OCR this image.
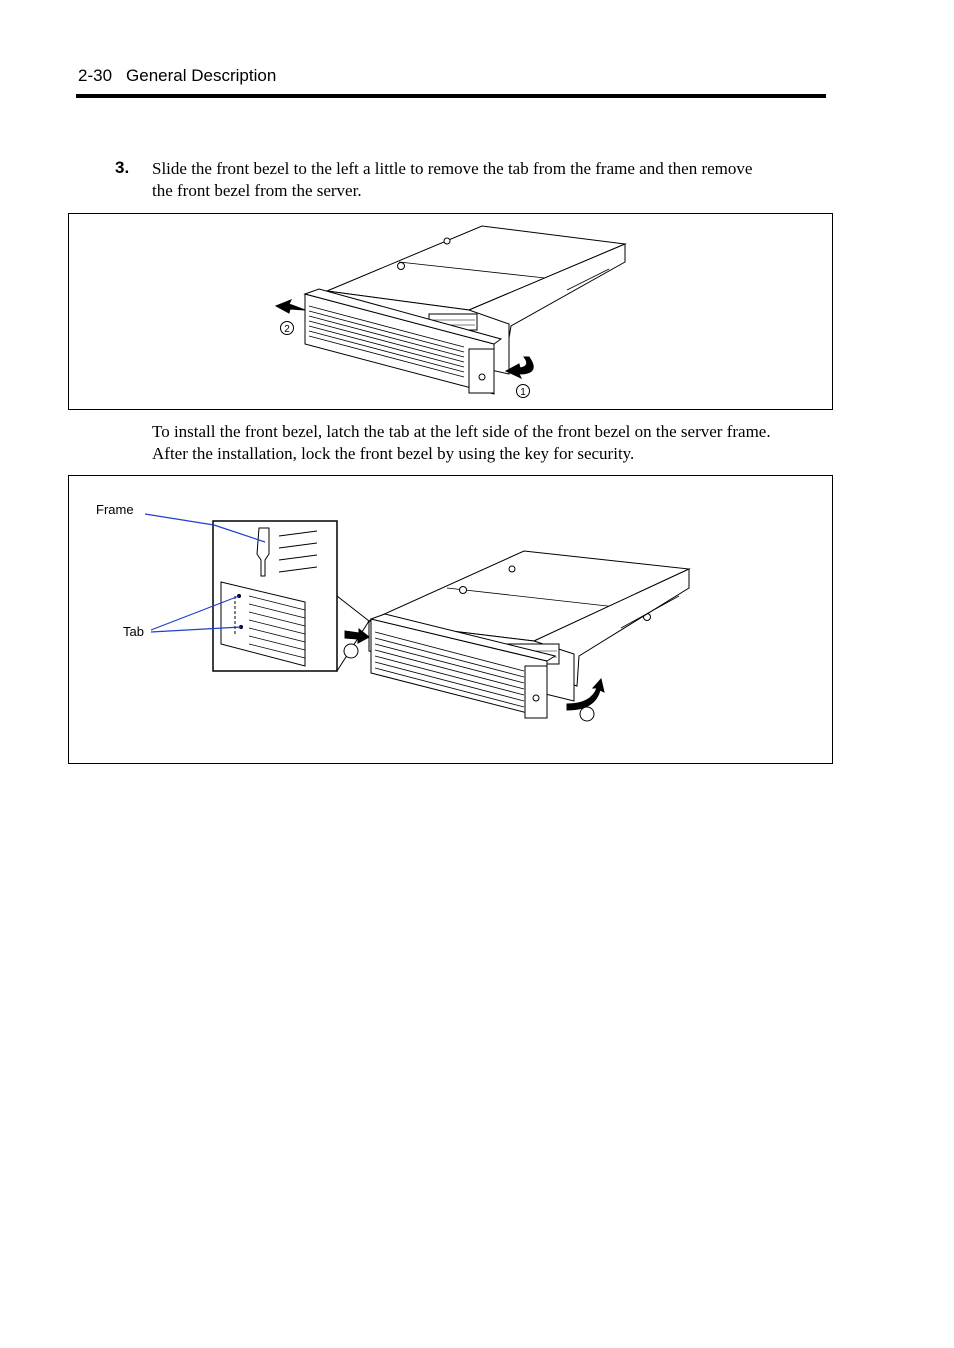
2-30 General Description
3. Slide the front bezel to the left a little to remove the tab from the frame and then remove
the front bezel from the server.
2
1
To install the front bezel, latch the tab at the left side of the front bezel on the server frame.
After the installation, lock the front bezel by using the key for security.
Frame
Tab
